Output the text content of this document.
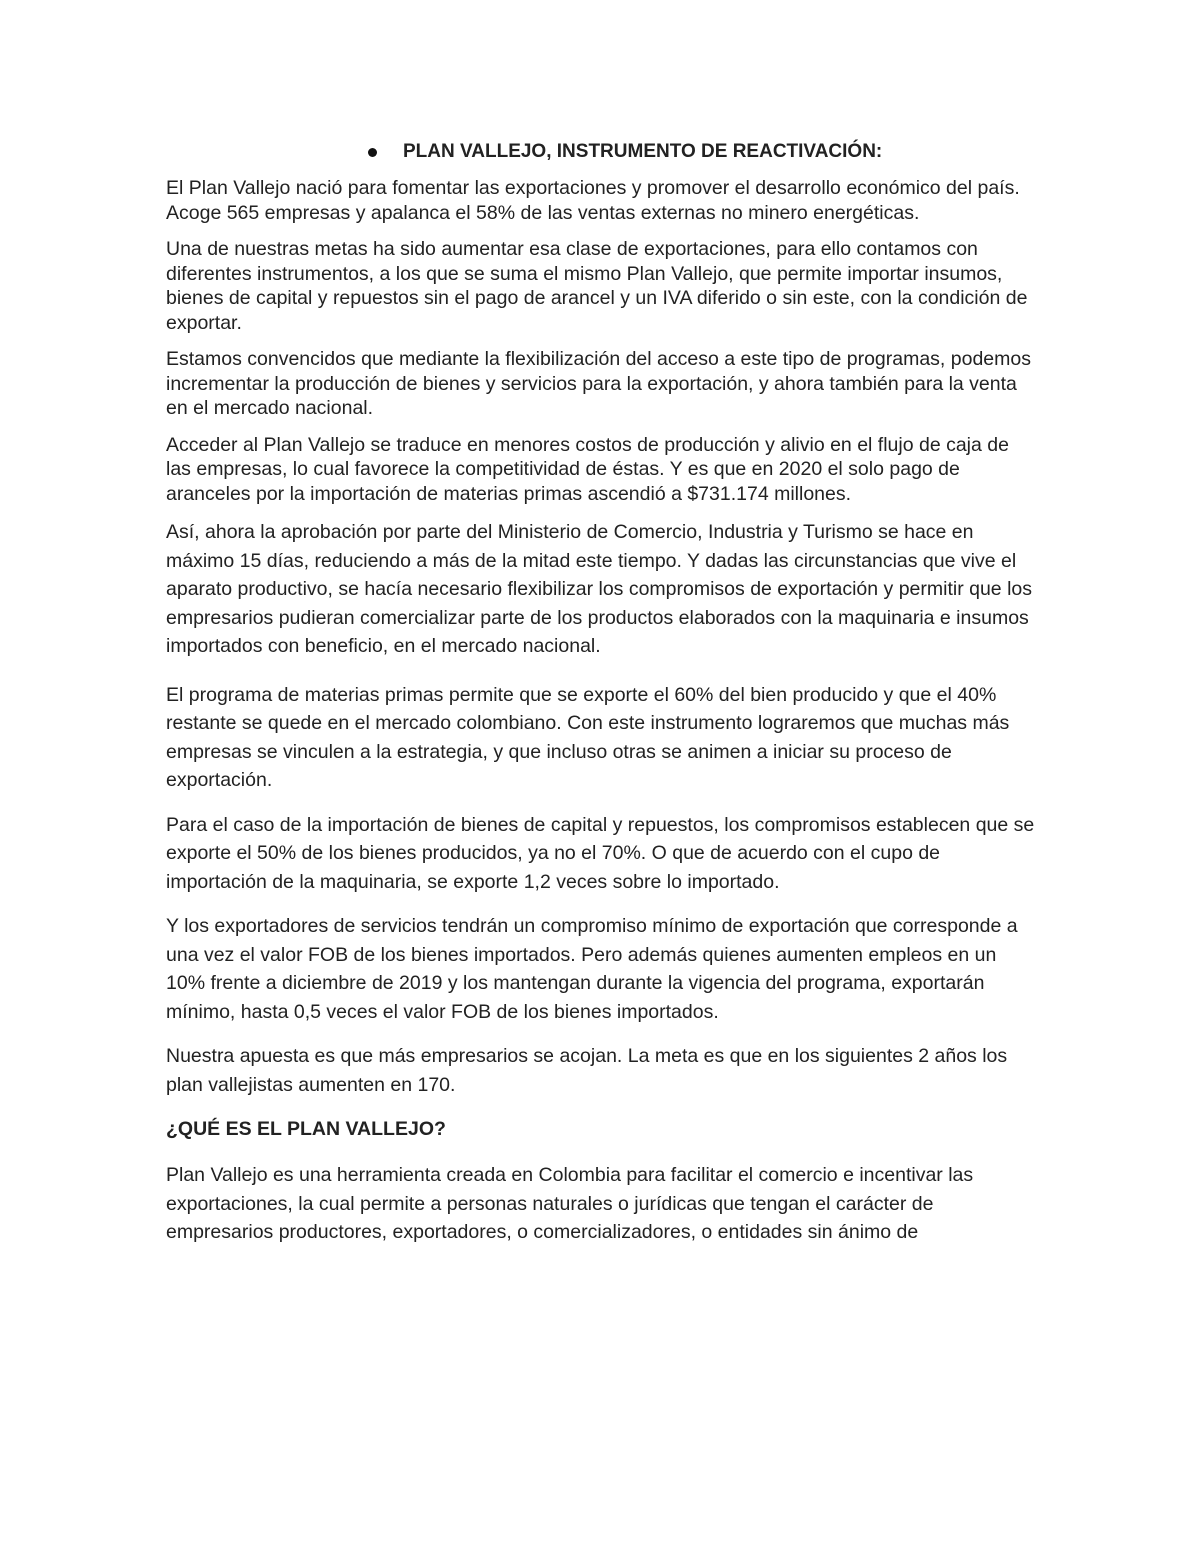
PLAN VALLEJO, INSTRUMENTO DE REACTIVACIÓN:

El Plan Vallejo nació para fomentar las exportaciones y promover el desarrollo económico del país. Acoge 565 empresas y apalanca el 58% de las ventas externas no minero energéticas.

Una de nuestras metas ha sido aumentar esa clase de exportaciones, para ello contamos con diferentes instrumentos, a los que se suma el mismo Plan Vallejo, que permite importar insumos, bienes de capital y repuestos sin el pago de arancel y un IVA diferido o sin este, con la condición de exportar.

Estamos convencidos que mediante la flexibilización del acceso a este tipo de programas, podemos incrementar la producción de bienes y servicios para la exportación, y ahora también para la venta en el mercado nacional.

Acceder al Plan Vallejo se traduce en menores costos de producción y alivio en el flujo de caja de las empresas, lo cual favorece la competitividad de éstas. Y es que en 2020 el solo pago de aranceles por la importación de materias primas ascendió a $731.174 millones.

Así, ahora la aprobación por parte del Ministerio de Comercio, Industria y Turismo se hace en máximo 15 días, reduciendo a más de la mitad este tiempo. Y dadas las circunstancias que vive el aparato productivo, se hacía necesario flexibilizar los compromisos de exportación y permitir que los empresarios pudieran comercializar parte de los productos elaborados con la maquinaria e insumos importados con beneficio, en el mercado nacional.

El programa de materias primas permite que se exporte el 60% del bien producido y que el 40% restante se quede en el mercado colombiano. Con este instrumento lograremos que muchas más empresas se vinculen a la estrategia, y que incluso otras se animen a iniciar su proceso de exportación.

Para el caso de la importación de bienes de capital y repuestos, los compromisos establecen que se exporte el 50% de los bienes producidos, ya no el 70%. O que de acuerdo con el cupo de importación de la maquinaria, se exporte 1,2 veces sobre lo importado.

Y los exportadores de servicios tendrán un compromiso mínimo de exportación que corresponde a una vez el valor FOB de los bienes importados. Pero además quienes aumenten empleos en un 10% frente a diciembre de 2019 y los mantengan durante la vigencia del programa, exportarán mínimo, hasta 0,5 veces el valor FOB de los bienes importados.

Nuestra apuesta es que más empresarios se acojan. La meta es que en los siguientes 2 años los plan vallejistas aumenten en 170.

¿QUÉ ES EL PLAN VALLEJO?

Plan Vallejo es una herramienta creada en Colombia para facilitar el comercio e incentivar las exportaciones, la cual permite a personas naturales o jurídicas que tengan el carácter de empresarios productores, exportadores, o comercializadores, o entidades sin ánimo de
